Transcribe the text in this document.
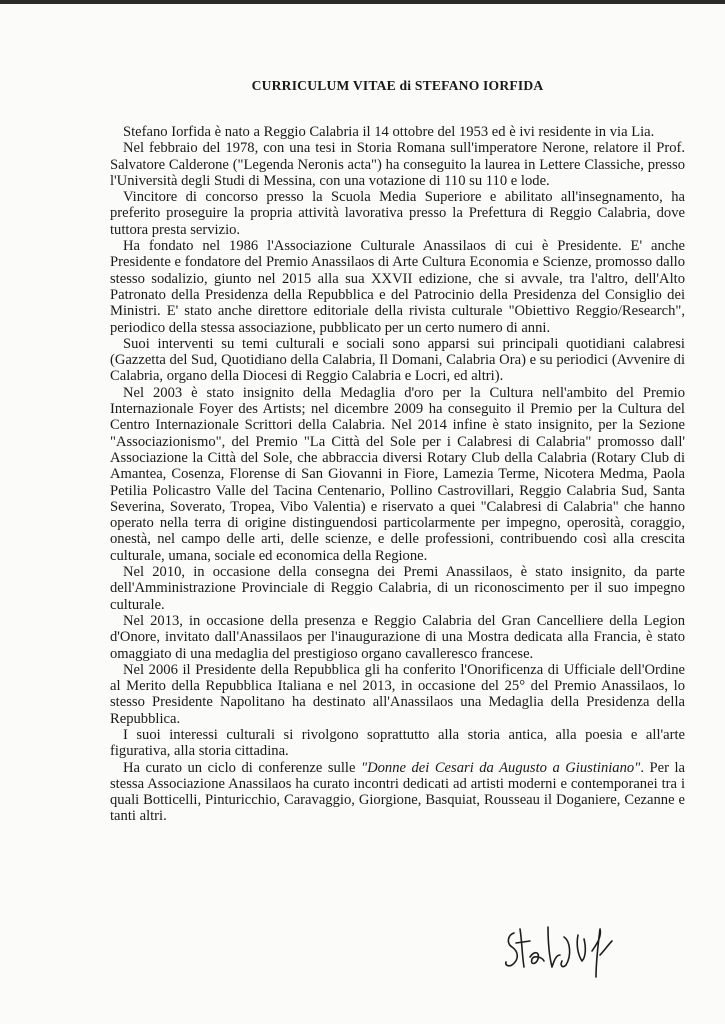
CURRICULUM VITAE di STEFANO IORFIDA

Stefano Iorfida è nato a Reggio Calabria il 14 ottobre del 1953 ed è ivi residente in via Lia.

Nel febbraio del 1978, con una tesi in Storia Romana sull'imperatore Nerone, relatore il Prof. Salvatore Calderone ("Legenda Neronis acta") ha conseguito la laurea in Lettere Classiche, presso l'Università degli Studi di Messina, con una votazione di 110 su 110 e lode.

Vincitore di concorso presso la Scuola Media Superiore e abilitato all'insegnamento, ha preferito proseguire la propria attività lavorativa presso la Prefettura di Reggio Calabria, dove tuttora presta servizio.

Ha fondato nel 1986 l'Associazione Culturale Anassilaos di cui è Presidente. E' anche Presidente e fondatore del Premio Anassilaos di Arte Cultura Economia e Scienze, promosso dallo stesso sodalizio, giunto nel 2015 alla sua XXVII edizione, che si avvale, tra l'altro, dell'Alto Patronato della Presidenza della Repubblica e del Patrocinio della Presidenza del Consiglio dei Ministri. E' stato anche direttore editoriale della rivista culturale "Obiettivo Reggio/Research", periodico della stessa associazione, pubblicato per un certo numero di anni.

Suoi interventi su temi culturali e sociali sono apparsi sui principali quotidiani calabresi (Gazzetta del Sud, Quotidiano della Calabria, Il Domani, Calabria Ora) e su periodici (Avvenire di Calabria, organo della Diocesi di Reggio Calabria e Locri, ed altri).

Nel 2003 è stato insignito della Medaglia d'oro per la Cultura nell'ambito del Premio Internazionale Foyer des Artists; nel dicembre 2009 ha conseguito il Premio per la Cultura del Centro Internazionale Scrittori della Calabria. Nel 2014 infine è stato insignito, per la Sezione "Associazionismo", del Premio "La Città del Sole per i Calabresi di Calabria" promosso dall' Associazione la Città del Sole, che abbraccia diversi Rotary Club della Calabria (Rotary Club di Amantea, Cosenza, Florense di San Giovanni in Fiore, Lamezia Terme, Nicotera Medma, Paola Petilia Policastro Valle del Tacina Centenario, Pollino Castrovillari, Reggio Calabria Sud, Santa Severina, Soverato, Tropea, Vibo Valentia) e riservato a quei "Calabresi di Calabria" che hanno operato nella terra di origine distinguendosi particolarmente per impegno, operosità, coraggio, onestà, nel campo delle arti, delle scienze, e delle professioni, contribuendo così alla crescita culturale, umana, sociale ed economica della Regione.

Nel 2010, in occasione della consegna dei Premi Anassilaos, è stato insignito, da parte dell'Amministrazione Provinciale di Reggio Calabria, di un riconoscimento per il suo impegno culturale.

Nel 2013, in occasione della presenza e Reggio Calabria del Gran Cancelliere della Legion d'Onore, invitato dall'Anassilaos per l'inaugurazione di una Mostra dedicata alla Francia, è stato omaggiato di una medaglia del prestigioso organo cavalleresco francese.

Nel 2006 il Presidente della Repubblica gli ha conferito l'Onorificenza di Ufficiale dell'Ordine al Merito della Repubblica Italiana e nel 2013, in occasione del 25° del Premio Anassilaos, lo stesso Presidente Napolitano ha destinato all'Anassilaos una Medaglia della Presidenza della Repubblica.

I suoi interessi culturali si rivolgono soprattutto alla storia antica, alla poesia e all'arte figurativa, alla storia cittadina.

Ha curato un ciclo di conferenze sulle "Donne dei Cesari da Augusto a Giustiniano". Per la stessa Associazione Anassilaos ha curato incontri dedicati ad artisti moderni e contemporanei tra i quali Botticelli, Pinturicchio, Caravaggio, Giorgione, Basquiat, Rousseau il Doganiere, Cezanne e tanti altri.
